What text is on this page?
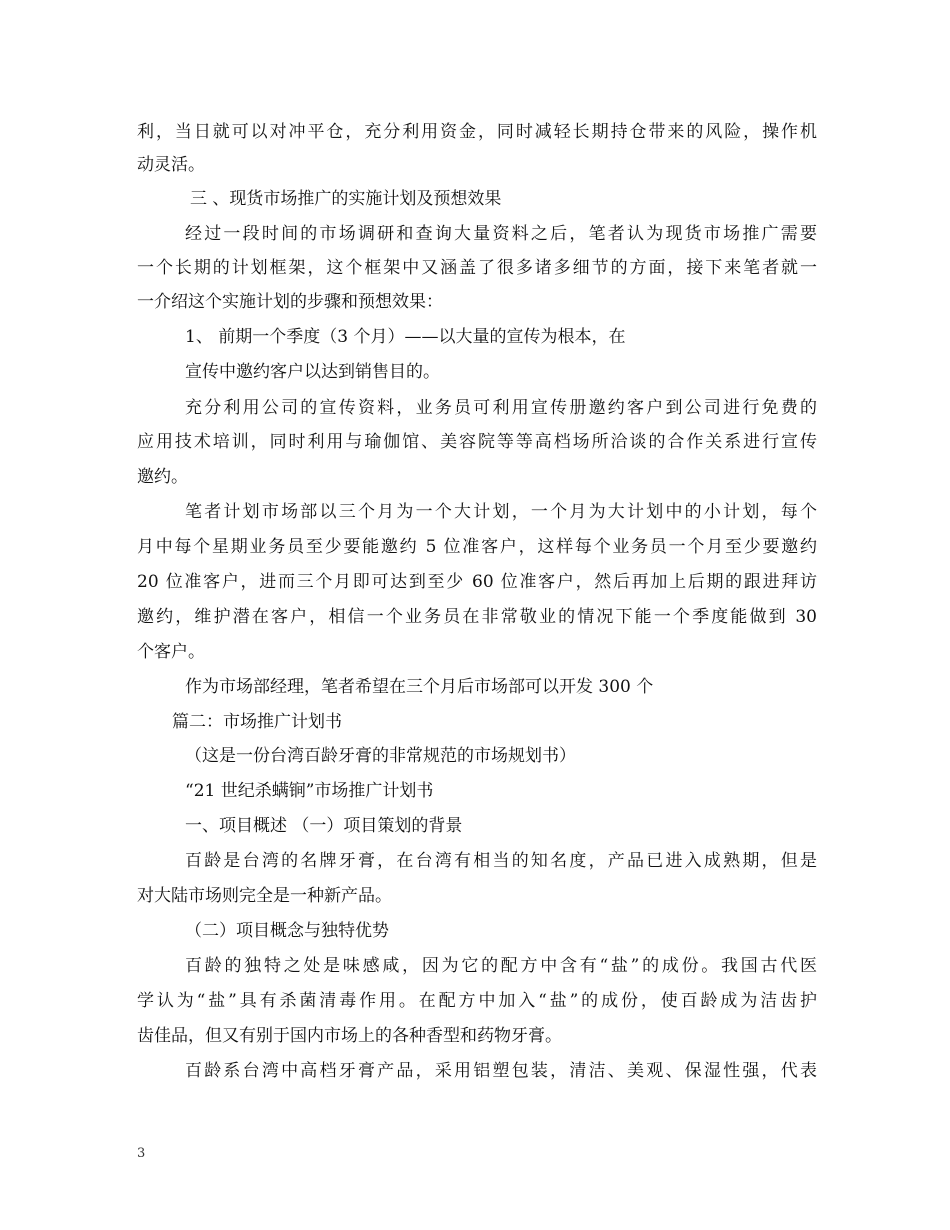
利，当日就可以对冲平仓，充分利用资金，同时减轻长期持仓带来的风险，操作机
动灵活。
三 、现货市场推广的实施计划及预想效果
经过一段时间的市场调研和查询大量资料之后，笔者认为现货市场推广需要
一个长期的计划框架，这个框架中又涵盖了很多诸多细节的方面，接下来笔者就一
一介绍这个实施计划的步骤和预想效果：
1、 前期一个季度（3 个月）——以大量的宣传为根本，在
宣传中邀约客户以达到销售目的。
充分利用公司的宣传资料，业务员可利用宣传册邀约客户到公司进行免费的
应用技术培训，同时利用与瑜伽馆、美容院等等高档场所洽谈的合作关系进行宣传
邀约。
笔者计划市场部以三个月为一个大计划，一个月为大计划中的小计划，每个
月中每个星期业务员至少要能邀约 5 位准客户，这样每个业务员一个月至少要邀约
20 位准客户，进而三个月即可达到至少 60 位准客户，然后再加上后期的跟进拜访
邀约，维护潜在客户，相信一个业务员在非常敬业的情况下能一个季度能做到 30
个客户。
作为市场部经理，笔者希望在三个月后市场部可以开发 300 个
篇二：市场推广计划书
（这是一份台湾百龄牙膏的非常规范的市场规划书）
“21 世纪杀螨锏”市场推广计划书
一、项目概述 （一）项目策划的背景
百龄是台湾的名牌牙膏，在台湾有相当的知名度，产品已进入成熟期，但是
对大陆市场则完全是一种新产品。
（二）项目概念与独特优势
百龄的独特之处是味感咸，因为它的配方中含有“盐”的成份。我国古代医
学认为“盐”具有杀菌清毒作用。在配方中加入“盐”的成份，使百龄成为洁齿护
齿佳品，但又有别于国内市场上的各种香型和药物牙膏。
百龄系台湾中高档牙膏产品，采用铝塑包装，清洁、美观、保湿性强，代表
3
